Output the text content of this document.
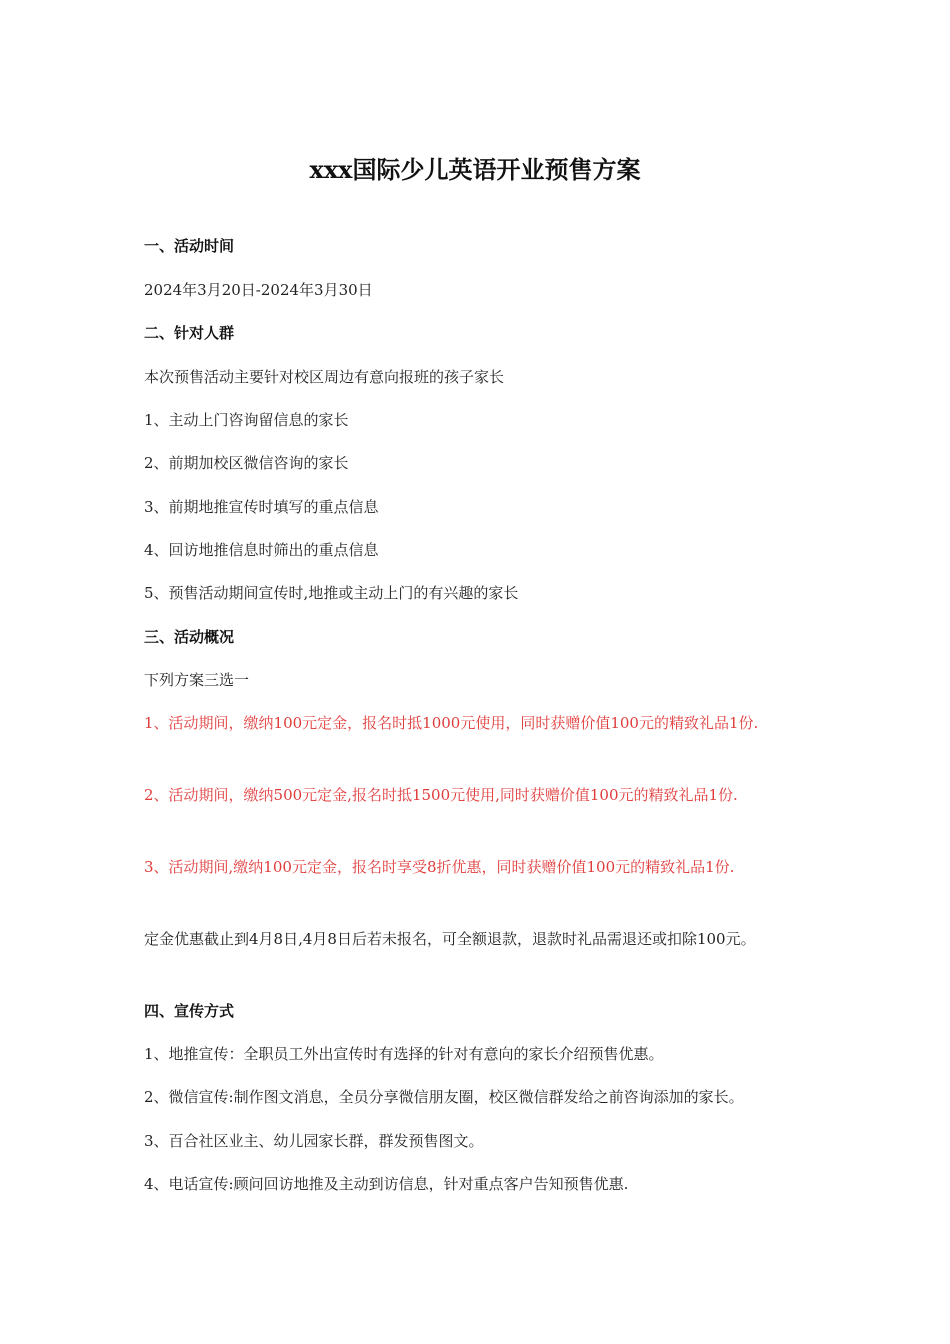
xxx国际少儿英语开业预售方案
一、活动时间
2024年3月20日-2024年3月30日
二、针对人群
本次预售活动主要针对校区周边有意向报班的孩子家长
1、主动上门咨询留信息的家长
2、前期加校区微信咨询的家长
3、前期地推宣传时填写的重点信息
4、回访地推信息时筛出的重点信息
5、预售活动期间宣传时,地推或主动上门的有兴趣的家长
三、活动概况
下列方案三选一
1、活动期间，缴纳100元定金，报名时抵1000元使用，同时获赠价值100元的精致礼品1份.
2、活动期间，缴纳500元定金,报名时抵1500元使用,同时获赠价值100元的精致礼品1份.
3、活动期间,缴纳100元定金，报名时享受8折优惠，同时获赠价值100元的精致礼品1份.
定金优惠截止到4月8日,4月8日后若未报名，可全额退款，退款时礼品需退还或扣除100元。
四、宣传方式
1、地推宣传：全职员工外出宣传时有选择的针对有意向的家长介绍预售优惠。
2、微信宣传:制作图文消息，全员分享微信朋友圈，校区微信群发给之前咨询添加的家长。
3、百合社区业主、幼儿园家长群，群发预售图文。
4、电话宣传:顾问回访地推及主动到访信息，针对重点客户告知预售优惠.
